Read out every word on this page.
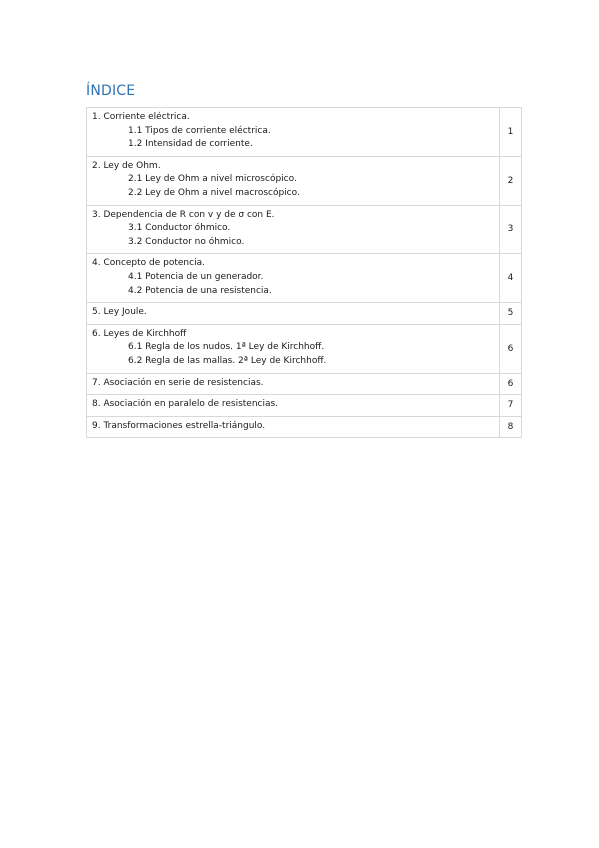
ÍNDICE
1. Corriente eléctrica.
1.1 Tipos de corriente eléctrica.
1.2 Intensidad de corriente.	1

2. Ley de Ohm.
2.1 Ley de Ohm a nivel microscópico.
2.2 Ley de Ohm a nivel macroscópico.	2

3. Dependencia de R con v y de σ con E.
3.1 Conductor óhmico.
3.2 Conductor no óhmico.	3

4. Concepto de potencia.
4.1 Potencia de un generador.
4.2 Potencia de una resistencia.	4

5. Ley Joule.	5

6. Leyes de Kirchhoff
6.1 Regla de los nudos. 1ª Ley de Kirchhoff.
6.2 Regla de las mallas. 2ª Ley de Kirchhoff.	6

7. Asociación en serie de resistencias.	6

8. Asociación en paralelo de resistencias.	7

9. Transformaciones estrella-triángulo.	8
